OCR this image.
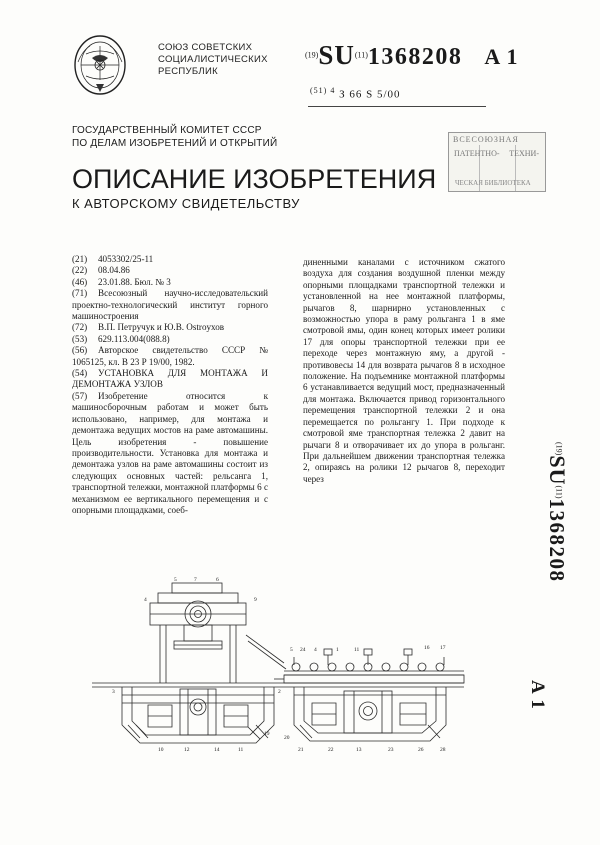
СОЮЗ СОВЕТСКИХ
СОЦИАЛИСТИЧЕСКИХ
РЕСПУБЛИК
$^{(19)}$SU$^{(11)}$1368208 A 1
$^{(51) 4}$ З 66 S 5/00
ГОСУДАРСТВЕННЫЙ КОМИТЕТ СССР
ПО ДЕЛАМ ИЗОБРЕТЕНИЙ И ОТКРЫТИЙ	ВСЕСОЮЗНАЯ
ПАТЕНТНО- ТЕХНИ-
ЧЕСКАЯ БИБЛИОТЕКА
ОПИСАНИЕ ИЗОБРЕТЕНИЯ
К АВТОРСКОМУ СВИДЕТЕЛЬСТВУ
(21) 4053302/25-11
(22) 08.04.86
(46) 23.01.88. Бюл. № 3
(71) Всесоюзный научно-исследовательский проектно-технологический институт горного машиностроения
(72) В.П. Петручук и Ю.В. Ostroухов
(53) 629.113.004(088.8)
(56) Авторское свидетельство СССР № 1065125, кл. В 23 Р 19/00, 1982.
(54) УСТАНОВКА ДЛЯ МОНТАЖА И ДЕМОНТАЖА УЗЛОВ
(57) Изобретение относится к машиносборочным работам и может быть использовано, например, для монтажа и демонтажа ведущих мостов на раме автомашины. Цель изобретения - повышение производительности. Установка для монтажа и демонтажа узлов на раме автомашины состоит из следующих основных частей: рельсанга 1, транспортной тележки, монтажной платформы 6 с механизмом ее вертикального перемещения и с опорными площадками, соеб-
диненными каналами с источником сжатого воздуха для создания воздушной пленки между опорными площадками транспортной тележки и установленной на нее монтажной платформы, рычагов 8, шарнирно установленных с возможностью упора в раму рольганга 1 в яме смотровой ямы, один конец которых имеет ролики 17 для опоры транспортной тележки при ее переходе через монтажную яму, а другой - противовесы 14 для возврата рычагов 8 в исходное положение. На подъемнике монтажной платформы 6 устанавливается ведущий мост, предназначенный для монтажа. Включается привод горизонтального перемещения транспортной тележки 2 и она перемещается по рольгангу 1. При подходе к смотровой яме транспортная тележка 2 давит на рычаги 8 и отворачивает их до упора в рольганг. При дальнейшем движении транспортная тележка 2, опираясь на ролики 12 рычагов 8, переходит через
$^{(19)}$SU$^{(11)}$1368208
A 1
5	7	6
4	9
3	2
10	12	14	11
19
5 24 4	1	11	16 17
21	22	13	23	26	28
20
